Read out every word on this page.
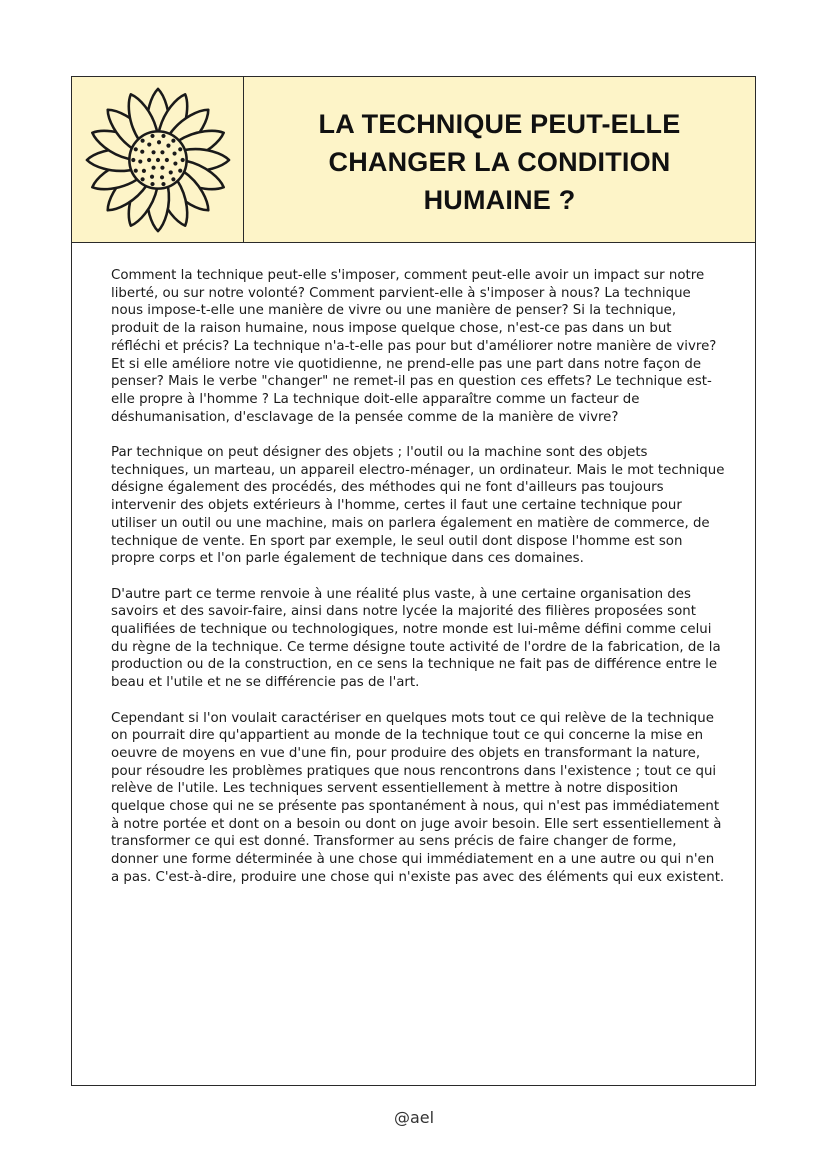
LA TECHNIQUE PEUT-ELLE CHANGER LA CONDITION HUMAINE ?

Comment la technique peut-elle s'imposer, comment peut-elle avoir un impact sur notre liberté, ou sur notre volonté? Comment parvient-elle à s'imposer à nous? La technique nous impose-t-elle une manière de vivre ou une manière de penser? Si la technique, produit de la raison humaine, nous impose quelque chose, n'est-ce pas dans un but réfléchi et précis? La technique n'a-t-elle pas pour but d'améliorer notre manière de vivre? Et si elle améliore notre vie quotidienne, ne prend-elle pas une part dans notre façon de penser? Mais le verbe "changer" ne remet-il pas en question ces effets? Le technique est-elle propre à l'homme ? La technique doit-elle apparaître comme un facteur de déshumanisation, d'esclavage de la pensée comme de la manière de vivre?

Par technique on peut désigner des objets ; l'outil ou la machine sont des objets techniques, un marteau, un appareil electro-ménager, un ordinateur. Mais le mot technique désigne également des procédés, des méthodes qui ne font d'ailleurs pas toujours intervenir des objets extérieurs à l'homme, certes il faut une certaine technique pour utiliser un outil ou une machine, mais on parlera également en matière de commerce, de technique de vente. En sport par exemple, le seul outil dont dispose l'homme est son propre corps et l'on parle également de technique dans ces domaines.

D'autre part ce terme renvoie à une réalité plus vaste, à une certaine organisation des savoirs et des savoir-faire, ainsi dans notre lycée la majorité des filières proposées sont qualifiées de technique ou technologiques, notre monde est lui-même défini comme celui du règne de la technique. Ce terme désigne toute activité de l'ordre de la fabrication, de la production ou de la construction, en ce sens la technique ne fait pas de différence entre le beau et l'utile et ne se différencie pas de l'art.

Cependant si l'on voulait caractériser en quelques mots tout ce qui relève de la technique on pourrait dire qu'appartient au monde de la technique tout ce qui concerne la mise en oeuvre de moyens en vue d'une fin, pour produire des objets en transformant la nature, pour résoudre les problèmes pratiques que nous rencontrons dans l'existence ; tout ce qui relève de l'utile. Les techniques servent essentiellement à mettre à notre disposition quelque chose qui ne se présente pas spontanément à nous, qui n'est pas immédiatement à notre portée et dont on a besoin ou dont on juge avoir besoin. Elle sert essentiellement à transformer ce qui est donné. Transformer au sens précis de faire changer de forme, donner une forme déterminée à une chose qui immédiatement en a une autre ou qui n'en a pas. C'est-à-dire, produire une chose qui n'existe pas avec des éléments qui eux existent.

@ael
